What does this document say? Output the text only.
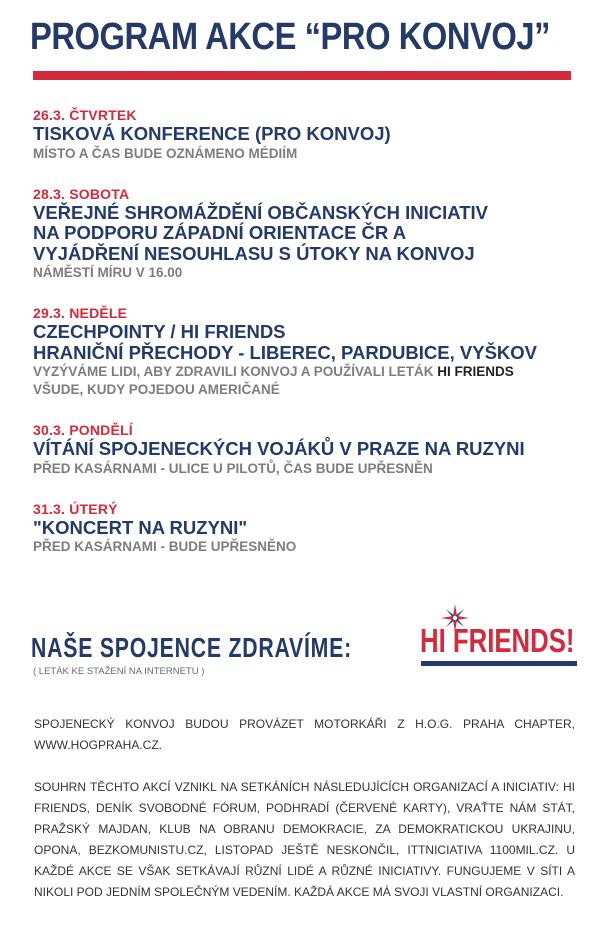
PROGRAM AKCE “PRO KONVOJ”
26.3. ČTVRTEK
TISKOVÁ KONFERENCE (PRO KONVOJ)
MÍSTO A ČAS BUDE OZNÁMENO MÉDIÍM
28.3. SOBOTA
VEŘEJNÉ SHROMÁŽDĚNÍ OBČANSKÝCH INICIATIV
NA PODPORU ZÁPADNÍ ORIENTACE ČR A
VYJÁDŘENÍ NESOUHLASU S ÚTOKY NA KONVOJ
NÁMĚSTÍ MÍRU V 16.00
29.3. NEDĚLE
CZECHPOINTY / HI FRIENDS
HRANIČNÍ PŘECHODY - LIBEREC, PARDUBICE, VYŠKOV
VYZÝVÁME LIDI, ABY ZDRAVILI KONVOJ A POUŽÍVALI LETÁK HI FRIENDS
VŠUDE, KUDY POJEDOU AMERIČANÉ
30.3. PONDĚLÍ
VÍTÁNÍ SPOJENECKÝCH VOJÁKŮ V PRAZE NA RUZYNI
PŘED KASÁRNAMI - ULICE U PILOTŮ, ČAS BUDE UPŘESNĚN
31.3. ÚTERÝ
"KONCERT NA RUZYNI"
PŘED KASÁRNAMI - BUDE UPŘESNĚNO
NAŠE SPOJENCE ZDRAVÍME:
( LETÁK KE STAŽENÍ NA INTERNETU )
HI FRIENDS!

SPOJENECKÝ KONVOJ BUDOU PROVÁZET MOTORKÁŘI Z H.O.G. PRAHA CHAPTER, WWW.HOGPRAHA.CZ.

SOUHRN TĚCHTO AKCÍ VZNIKL NA SETKÁNÍCH NÁSLEDUJÍCÍCH ORGANIZACÍ A INICIATIV: HI FRIENDS, DENÍK SVOBODNÉ FÓRUM, PODHRADÍ (ČERVENÉ KARTY), VRAŤTE NÁM STÁT, PRAŽSKÝ MAJDAN, KLUB NA OBRANU DEMOKRACIE, ZA DEMOKRATICKOU UKRAJINU, OPONA, BEZKOMUNISTU.CZ, LISTOPAD JEŠTĚ NESKONČIL, ITTNICIATIVA 1100MIL.CZ. U KAŽDÉ AKCE SE VŠAK SETKÁVAJÍ RŮZNÍ LIDÉ A RŮZNÉ INICIATIVY. FUNGUJEME V SÍTI A NIKOLI POD JEDNÍM SPOLEČNÝM VEDENÍM. KAŽDÁ AKCE MÁ SVOJI VLASTNÍ ORGANIZACI.
